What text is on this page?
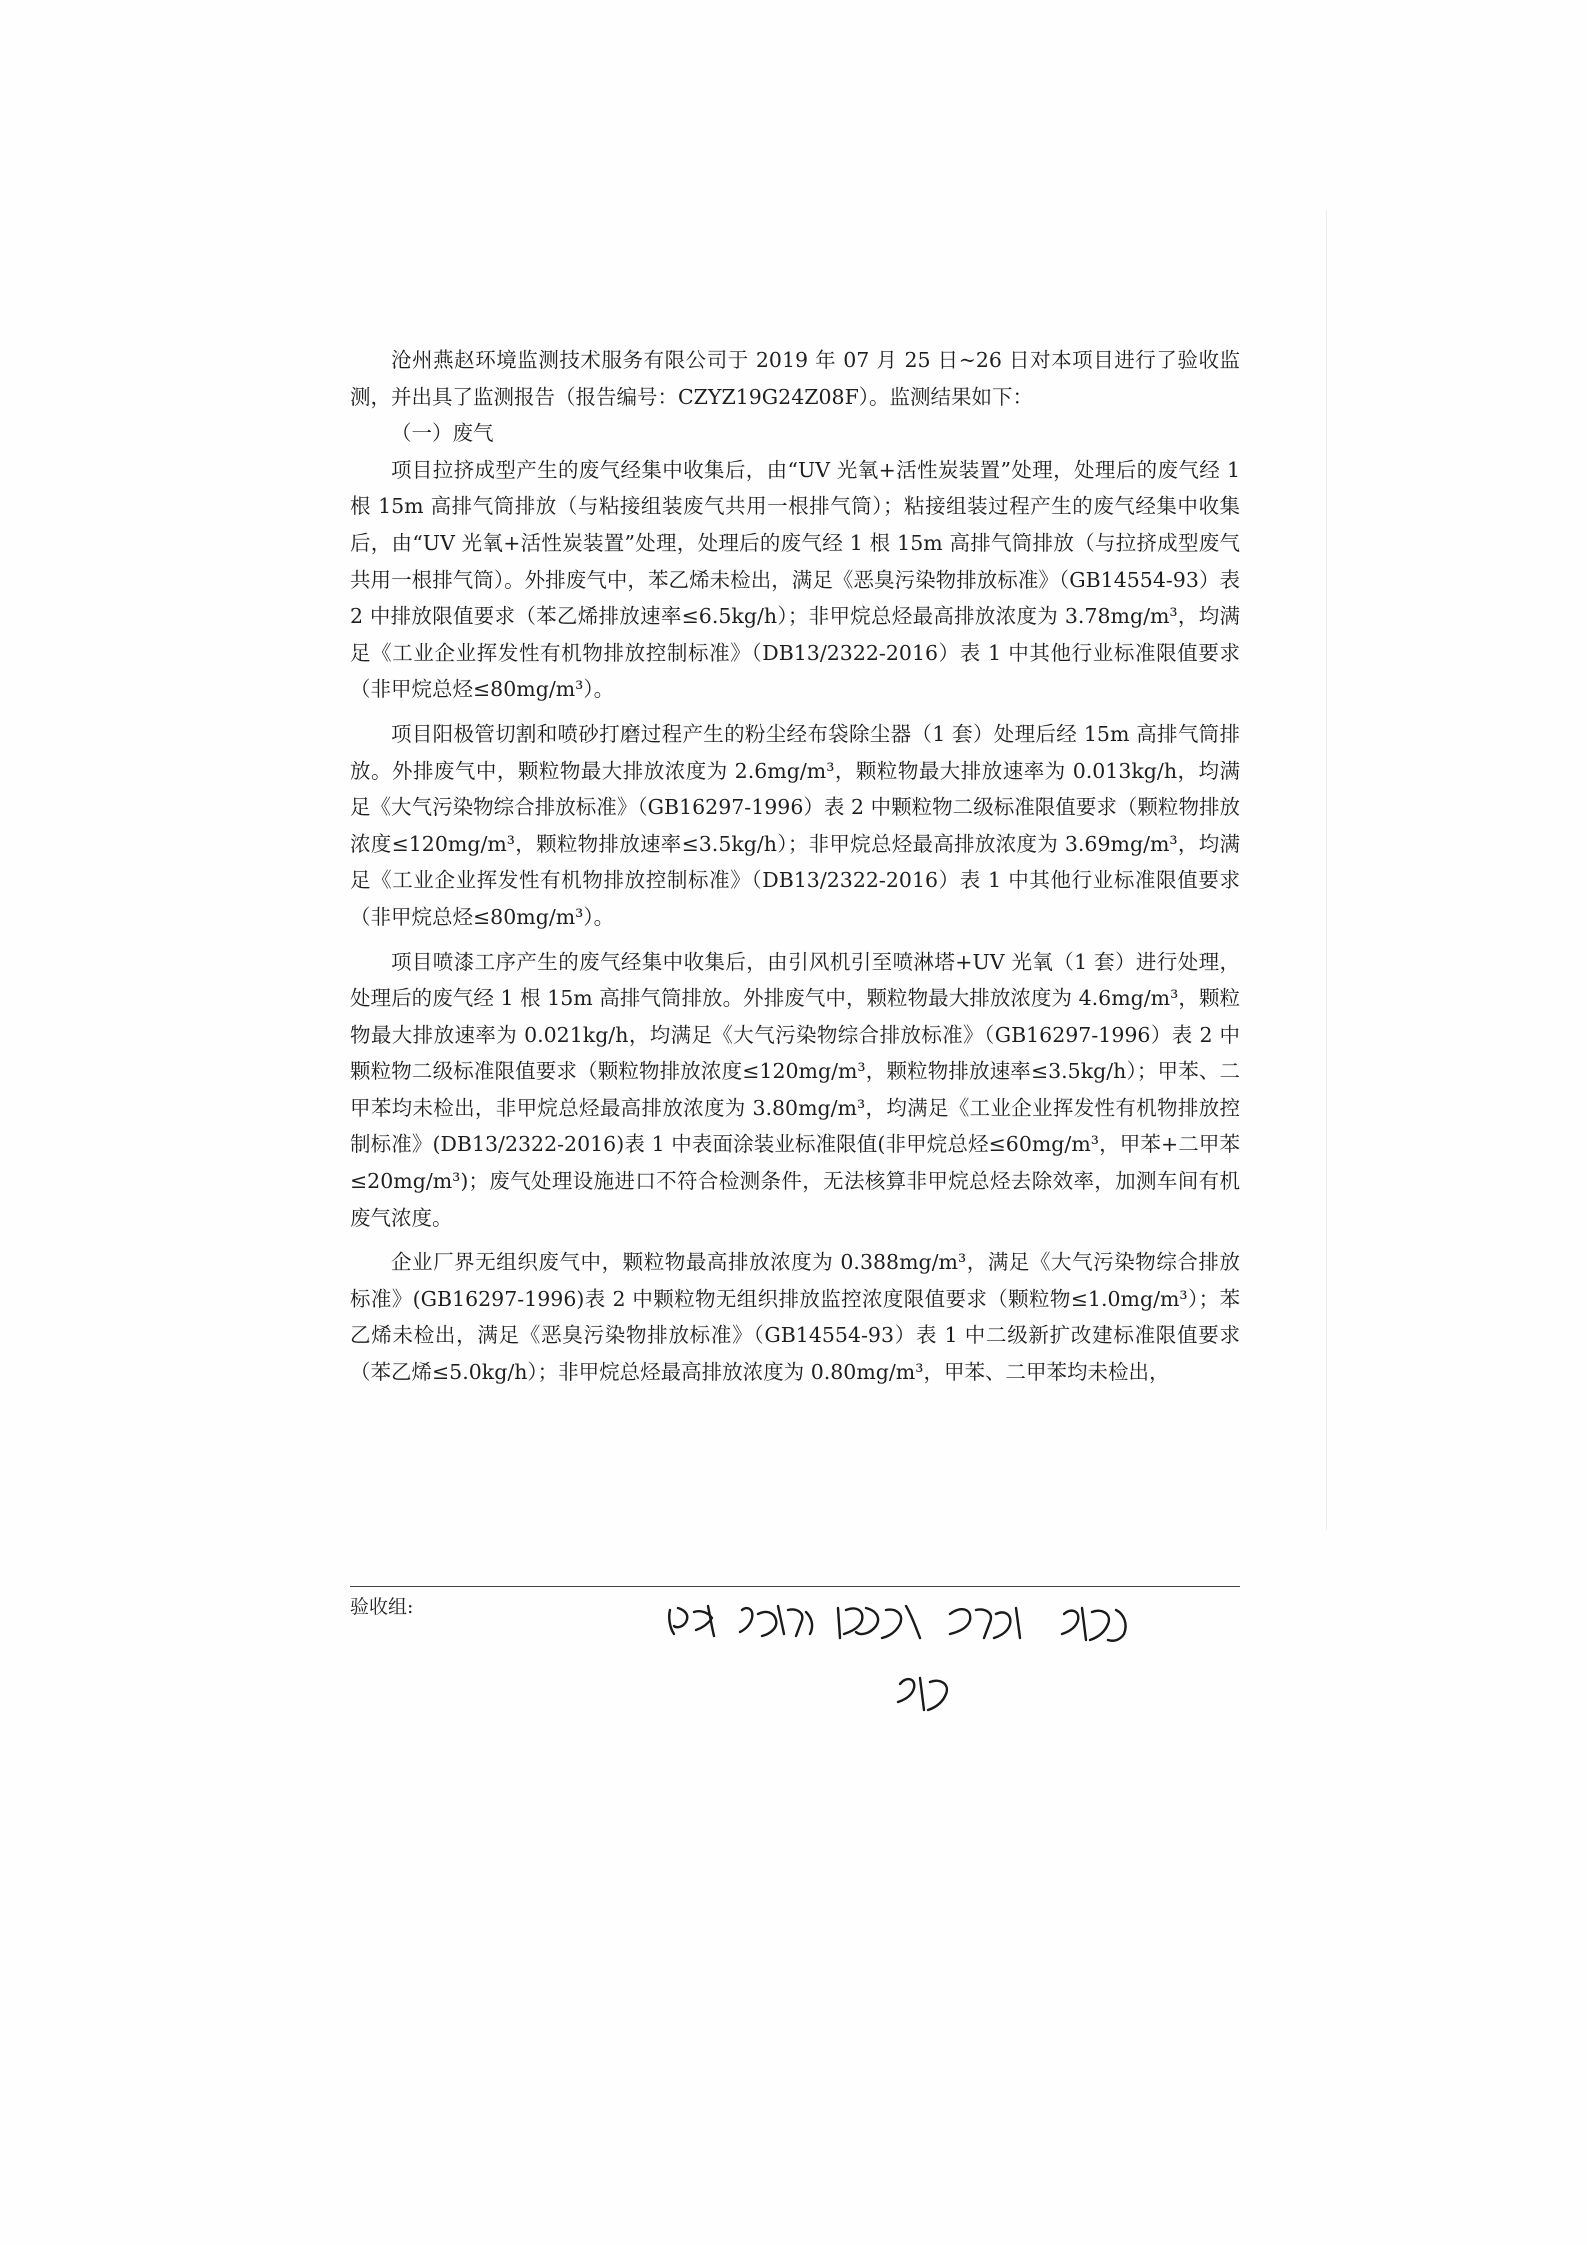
沧州燕赵环境监测技术服务有限公司于 2019 年 07 月 25 日~26 日对本项目进行了验收监测，并出具了监测报告（报告编号：CZYZ19G24Z08F）。监测结果如下：

（一）废气

项目拉挤成型产生的废气经集中收集后，由“UV 光氧+活性炭装置”处理，处理后的废气经 1 根 15m 高排气筒排放（与粘接组装废气共用一根排气筒）；粘接组装过程产生的废气经集中收集后，由“UV 光氧+活性炭装置”处理，处理后的废气经 1 根 15m 高排气筒排放（与拉挤成型废气共用一根排气筒）。外排废气中，苯乙烯未检出，满足《恶臭污染物排放标准》（GB14554-93）表 2 中排放限值要求（苯乙烯排放速率≤6.5kg/h）；非甲烷总烃最高排放浓度为 3.78mg/m³，均满足《工业企业挥发性有机物排放控制标准》（DB13/2322-2016）表 1 中其他行业标准限值要求（非甲烷总烃≤80mg/m³）。

项目阳极管切割和喷砂打磨过程产生的粉尘经布袋除尘器（1 套）处理后经 15m 高排气筒排放。外排废气中，颗粒物最大排放浓度为 2.6mg/m³，颗粒物最大排放速率为 0.013kg/h，均满足《大气污染物综合排放标准》（GB16297-1996）表 2 中颗粒物二级标准限值要求（颗粒物排放浓度≤120mg/m³，颗粒物排放速率≤3.5kg/h）；非甲烷总烃最高排放浓度为 3.69mg/m³，均满足《工业企业挥发性有机物排放控制标准》（DB13/2322-2016）表 1 中其他行业标准限值要求（非甲烷总烃≤80mg/m³）。

项目喷漆工序产生的废气经集中收集后，由引风机引至喷淋塔+UV 光氧（1 套）进行处理，处理后的废气经 1 根 15m 高排气筒排放。外排废气中，颗粒物最大排放浓度为 4.6mg/m³，颗粒物最大排放速率为 0.021kg/h，均满足《大气污染物综合排放标准》（GB16297-1996）表 2 中颗粒物二级标准限值要求（颗粒物排放浓度≤120mg/m³，颗粒物排放速率≤3.5kg/h）；甲苯、二甲苯均未检出，非甲烷总烃最高排放浓度为 3.80mg/m³，均满足《工业企业挥发性有机物排放控制标准》(DB13/2322-2016)表 1 中表面涂装业标准限值(非甲烷总烃≤60mg/m³，甲苯+二甲苯≤20mg/m³)；废气处理设施进口不符合检测条件，无法核算非甲烷总烃去除效率，加测车间有机废气浓度。

企业厂界无组织废气中，颗粒物最高排放浓度为 0.388mg/m³，满足《大气污染物综合排放标准》(GB16297-1996)表 2 中颗粒物无组织排放监控浓度限值要求（颗粒物≤1.0mg/m³）；苯乙烯未检出，满足《恶臭污染物排放标准》（GB14554-93）表 1 中二级新扩改建标准限值要求（苯乙烯≤5.0kg/h）；非甲烷总烃最高排放浓度为 0.80mg/m³，甲苯、二甲苯均未检出，

验收组:
